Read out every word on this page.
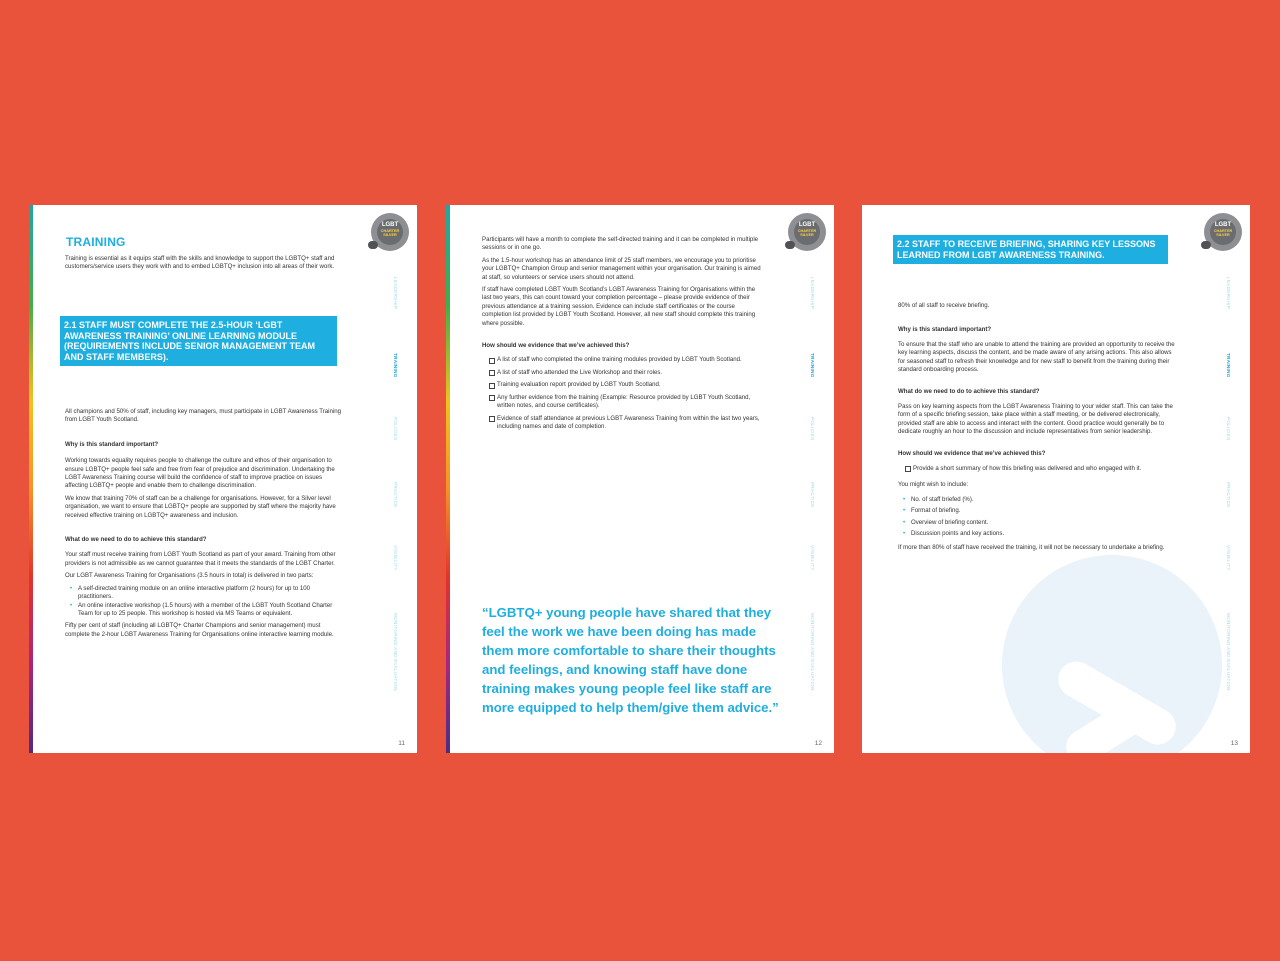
LGBT
CHARTER
SILVER
TRAINING

Training is essential as it equips staff with the skills and knowledge to support the LGBTQ+ staff and customers/service users they work with and to embed LGBTQ+ inclusion into all areas of their work.

2.1 STAFF MUST COMPLETE THE 2.5-HOUR ‘LGBT AWARENESS TRAINING’ ONLINE LEARNING MODULE (REQUIREMENTS INCLUDE SENIOR MANAGEMENT TEAM AND STAFF MEMBERS).

All champions and 50% of staff, including key managers, must participate in LGBT Awareness Training from LGBT Youth Scotland.

Why is this standard important?

Working towards equality requires people to challenge the culture and ethos of their organisation to ensure LGBTQ+ people feel safe and free from fear of prejudice and discrimination. Undertaking the LGBT Awareness Training course will build the confidence of staff to improve practice on issues affecting LGBTQ+ people and enable them to challenge discrimination.

We know that training 70% of staff can be a challenge for organisations. However, for a Silver level organisation, we want to ensure that LGBTQ+ people are supported by staff where the majority have received effective training on LGBTQ+ awareness and inclusion.

What do we need to do to achieve this standard?

Your staff must receive training from LGBT Youth Scotland as part of your award. Training from other providers is not admissible as we cannot guarantee that it meets the standards of the LGBT Charter.

Our LGBT Awareness Training for Organisations (3.5 hours in total) is delivered in two parts:

• A self-directed training module on an online interactive platform (2 hours) for up to 100 practitioners.
• An online interactive workshop (1.5 hours) with a member of the LGBT Youth Scotland Charter Team for up to 25 people. This workshop is hosted via MS Teams or equivalent.

Fifty per cent of staff (including all LGBTQ+ Charter Champions and senior management) must complete the 2-hour LGBT Awareness Training for Organisations online interactive learning module.

LEADERSHIP
TRAINING
POLICIES
PRACTICE
VISIBILITY
MONITORING AND EVALUATION
11
LGBT
CHARTER
SILVER

Participants will have a month to complete the self-directed training and it can be completed in multiple sessions or in one go.

As the 1.5-hour workshop has an attendance limit of 25 staff members, we encourage you to prioritise your LGBTQ+ Champion Group and senior management within your organisation. Our training is aimed at staff, so volunteers or service users should not attend.

If staff have completed LGBT Youth Scotland’s LGBT Awareness Training for Organisations within the last two years, this can count toward your completion percentage – please provide evidence of their previous attendance at a training session. Evidence can include staff certificates or the course completion list provided by LGBT Youth Scotland. However, all new staff should complete this training where possible.

How should we evidence that we’ve achieved this?

A list of staff who completed the online training modules provided by LGBT Youth Scotland.
A list of staff who attended the Live Workshop and their roles.
Training evaluation report provided by LGBT Youth Scotland.
Any further evidence from the training (Example: Resource provided by LGBT Youth Scotland, written notes, and course certificates).
Evidence of staff attendance at previous LGBT Awareness Training from within the last two years, including names and date of completion.
“LGBTQ+ young people have shared that they feel the work we have been doing has made them more comfortable to share their thoughts and feelings, and knowing staff have done training makes young people feel like staff are more equipped to help them/give them advice.”
LEADERSHIP
TRAINING
POLICIES
PRACTICE
VISIBILITY
MONITORING AND EVALUATION
12
LGBT
CHARTER
SILVER
2.2 STAFF TO RECEIVE BRIEFING, SHARING KEY LESSONS LEARNED FROM LGBT AWARENESS TRAINING.

80% of all staff to receive briefing.

Why is this standard important?

To ensure that the staff who are unable to attend the training are provided an opportunity to receive the key learning aspects, discuss the content, and be made aware of any arising actions. This also allows for seasoned staff to refresh their knowledge and for new staff to benefit from the training during their standard onboarding process.

What do we need to do to achieve this standard?

Pass on key learning aspects from the LGBT Awareness Training to your wider staff. This can take the form of a specific briefing session, take place within a staff meeting, or be delivered electronically, provided staff are able to access and interact with the content. Good practice would generally be to dedicate roughly an hour to the discussion and include representatives from senior leadership.

How should we evidence that we’ve achieved this?

Provide a short summary of how this briefing was delivered and who engaged with it.

You might wish to include:

• No. of staff briefed (%).
• Format of briefing.
• Overview of briefing content.
• Discussion points and key actions.

If more than 80% of staff have received the training, it will not be necessary to undertake a briefing.

LEADERSHIP
TRAINING
POLICIES
PRACTICE
VISIBILITY
MONITORING AND EVALUATION
13
